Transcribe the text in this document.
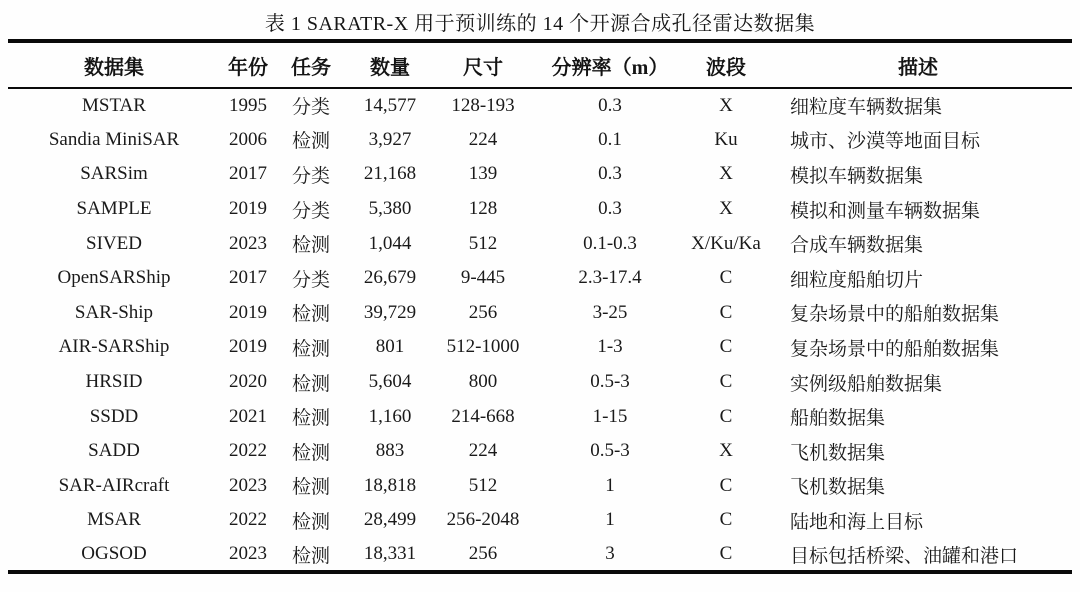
表 1 SARATR-X 用于预训练的 14 个开源合成孔径雷达数据集
数据集	年份	任务	数量	尺寸	分辨率（m）	波段	描述
MSTAR	1995	分类	14,577	128-193	0.3	X	细粒度车辆数据集
Sandia MiniSAR	2006	检测	3,927	224	0.1	Ku	城市、沙漠等地面目标
SARSim	2017	分类	21,168	139	0.3	X	模拟车辆数据集
SAMPLE	2019	分类	5,380	128	0.3	X	模拟和测量车辆数据集
SIVED	2023	检测	1,044	512	0.1-0.3	X/Ku/Ka	合成车辆数据集
OpenSARShip	2017	分类	26,679	9-445	2.3-17.4	C	细粒度船舶切片
SAR-Ship	2019	检测	39,729	256	3-25	C	复杂场景中的船舶数据集
AIR-SARShip	2019	检测	801	512-1000	1-3	C	复杂场景中的船舶数据集
HRSID	2020	检测	5,604	800	0.5-3	C	实例级船舶数据集
SSDD	2021	检测	1,160	214-668	1-15	C	船舶数据集
SADD	2022	检测	883	224	0.5-3	X	飞机数据集
SAR-AIRcraft	2023	检测	18,818	512	1	C	飞机数据集
MSAR	2022	检测	28,499	256-2048	1	C	陆地和海上目标
OGSOD	2023	检测	18,331	256	3	C	目标包括桥梁、油罐和港口
